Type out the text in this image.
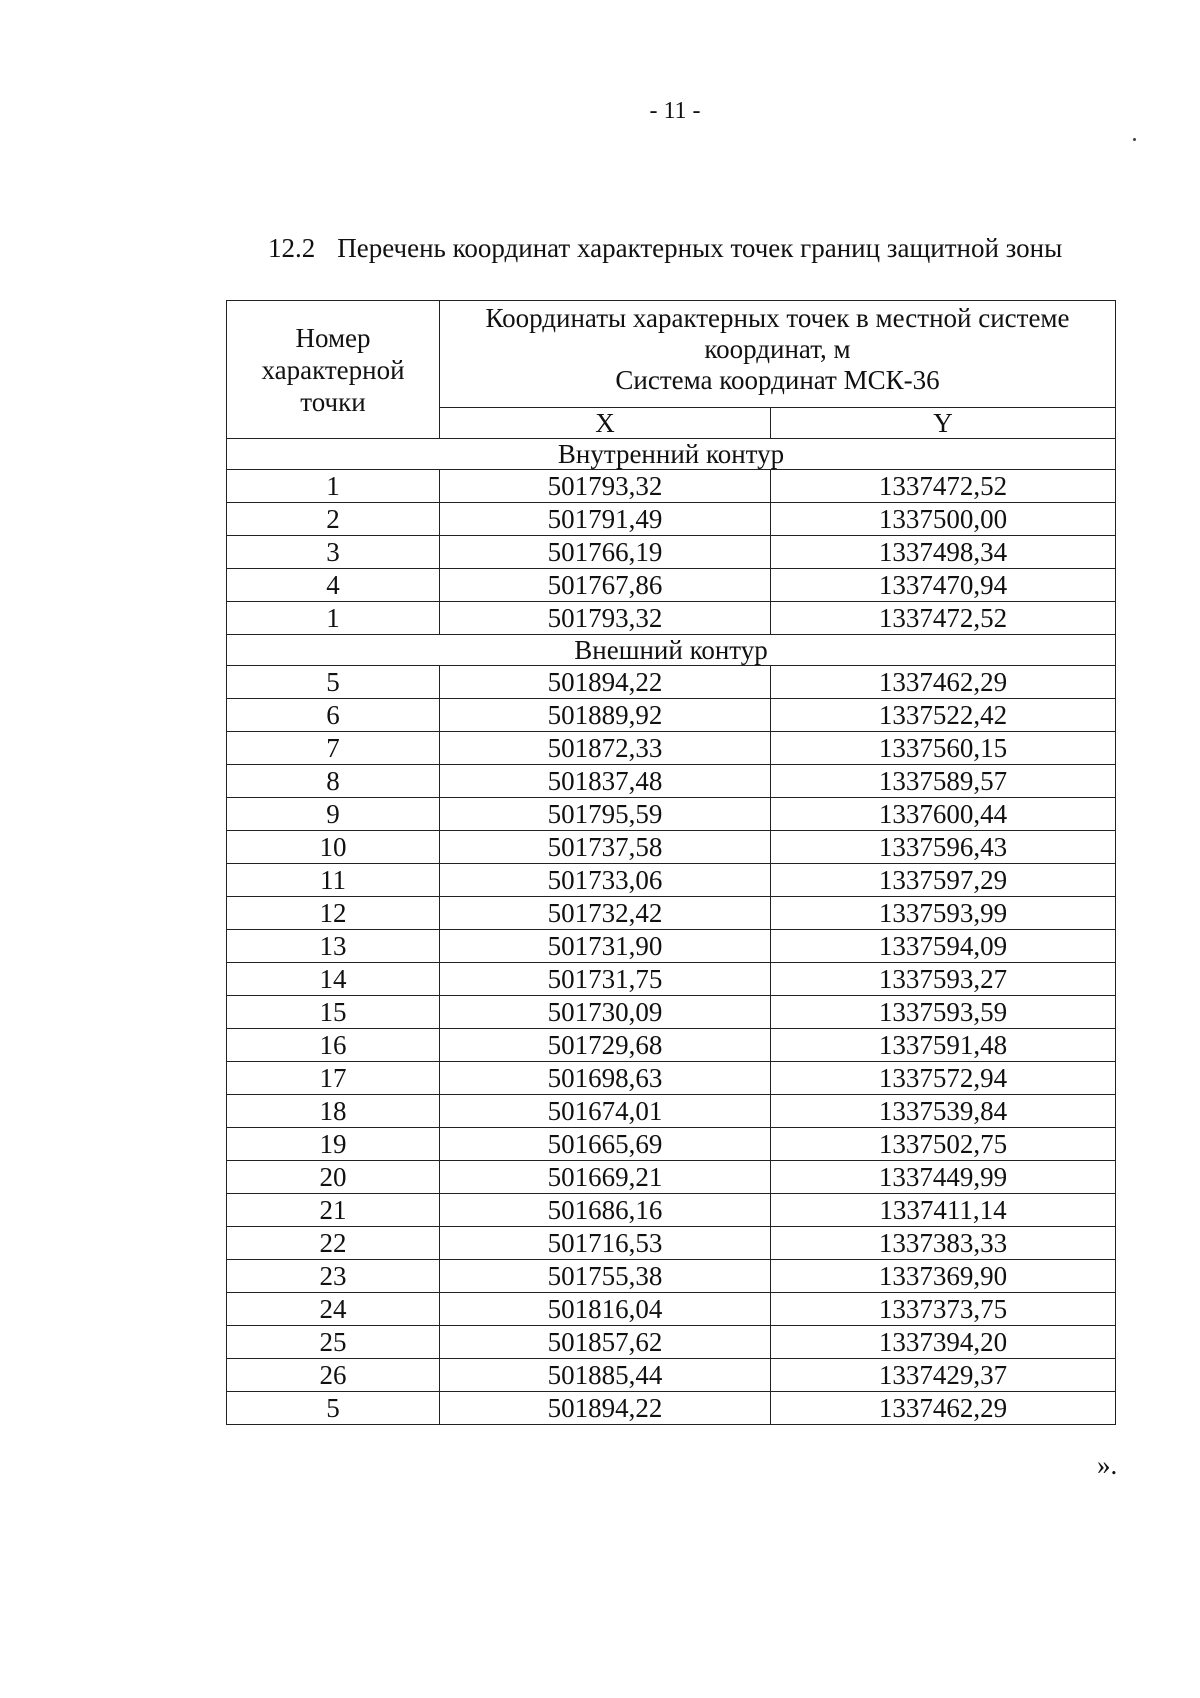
- 11 -
12.2 Перечень координат характерных точек границ защитной зоны
Номер характерной точки	Координаты характерных точек в местной системе координат, м
Система координат МСК-36	

	X	Y
Внутренний контур		
1	501793,32	1337472,52
2	501791,49	1337500,00
3	501766,19	1337498,34
4	501767,86	1337470,94
1	501793,32	1337472,52
Внешний контур		
5	501894,22	1337462,29
6	501889,92	1337522,42
7	501872,33	1337560,15
8	501837,48	1337589,57
9	501795,59	1337600,44
10	501737,58	1337596,43
11	501733,06	1337597,29
12	501732,42	1337593,99
13	501731,90	1337594,09
14	501731,75	1337593,27
15	501730,09	1337593,59
16	501729,68	1337591,48
17	501698,63	1337572,94
18	501674,01	1337539,84
19	501665,69	1337502,75
20	501669,21	1337449,99
21	501686,16	1337411,14
22	501716,53	1337383,33
23	501755,38	1337369,90
24	501816,04	1337373,75
25	501857,62	1337394,20
26	501885,44	1337429,37
5	501894,22	1337462,29
».
